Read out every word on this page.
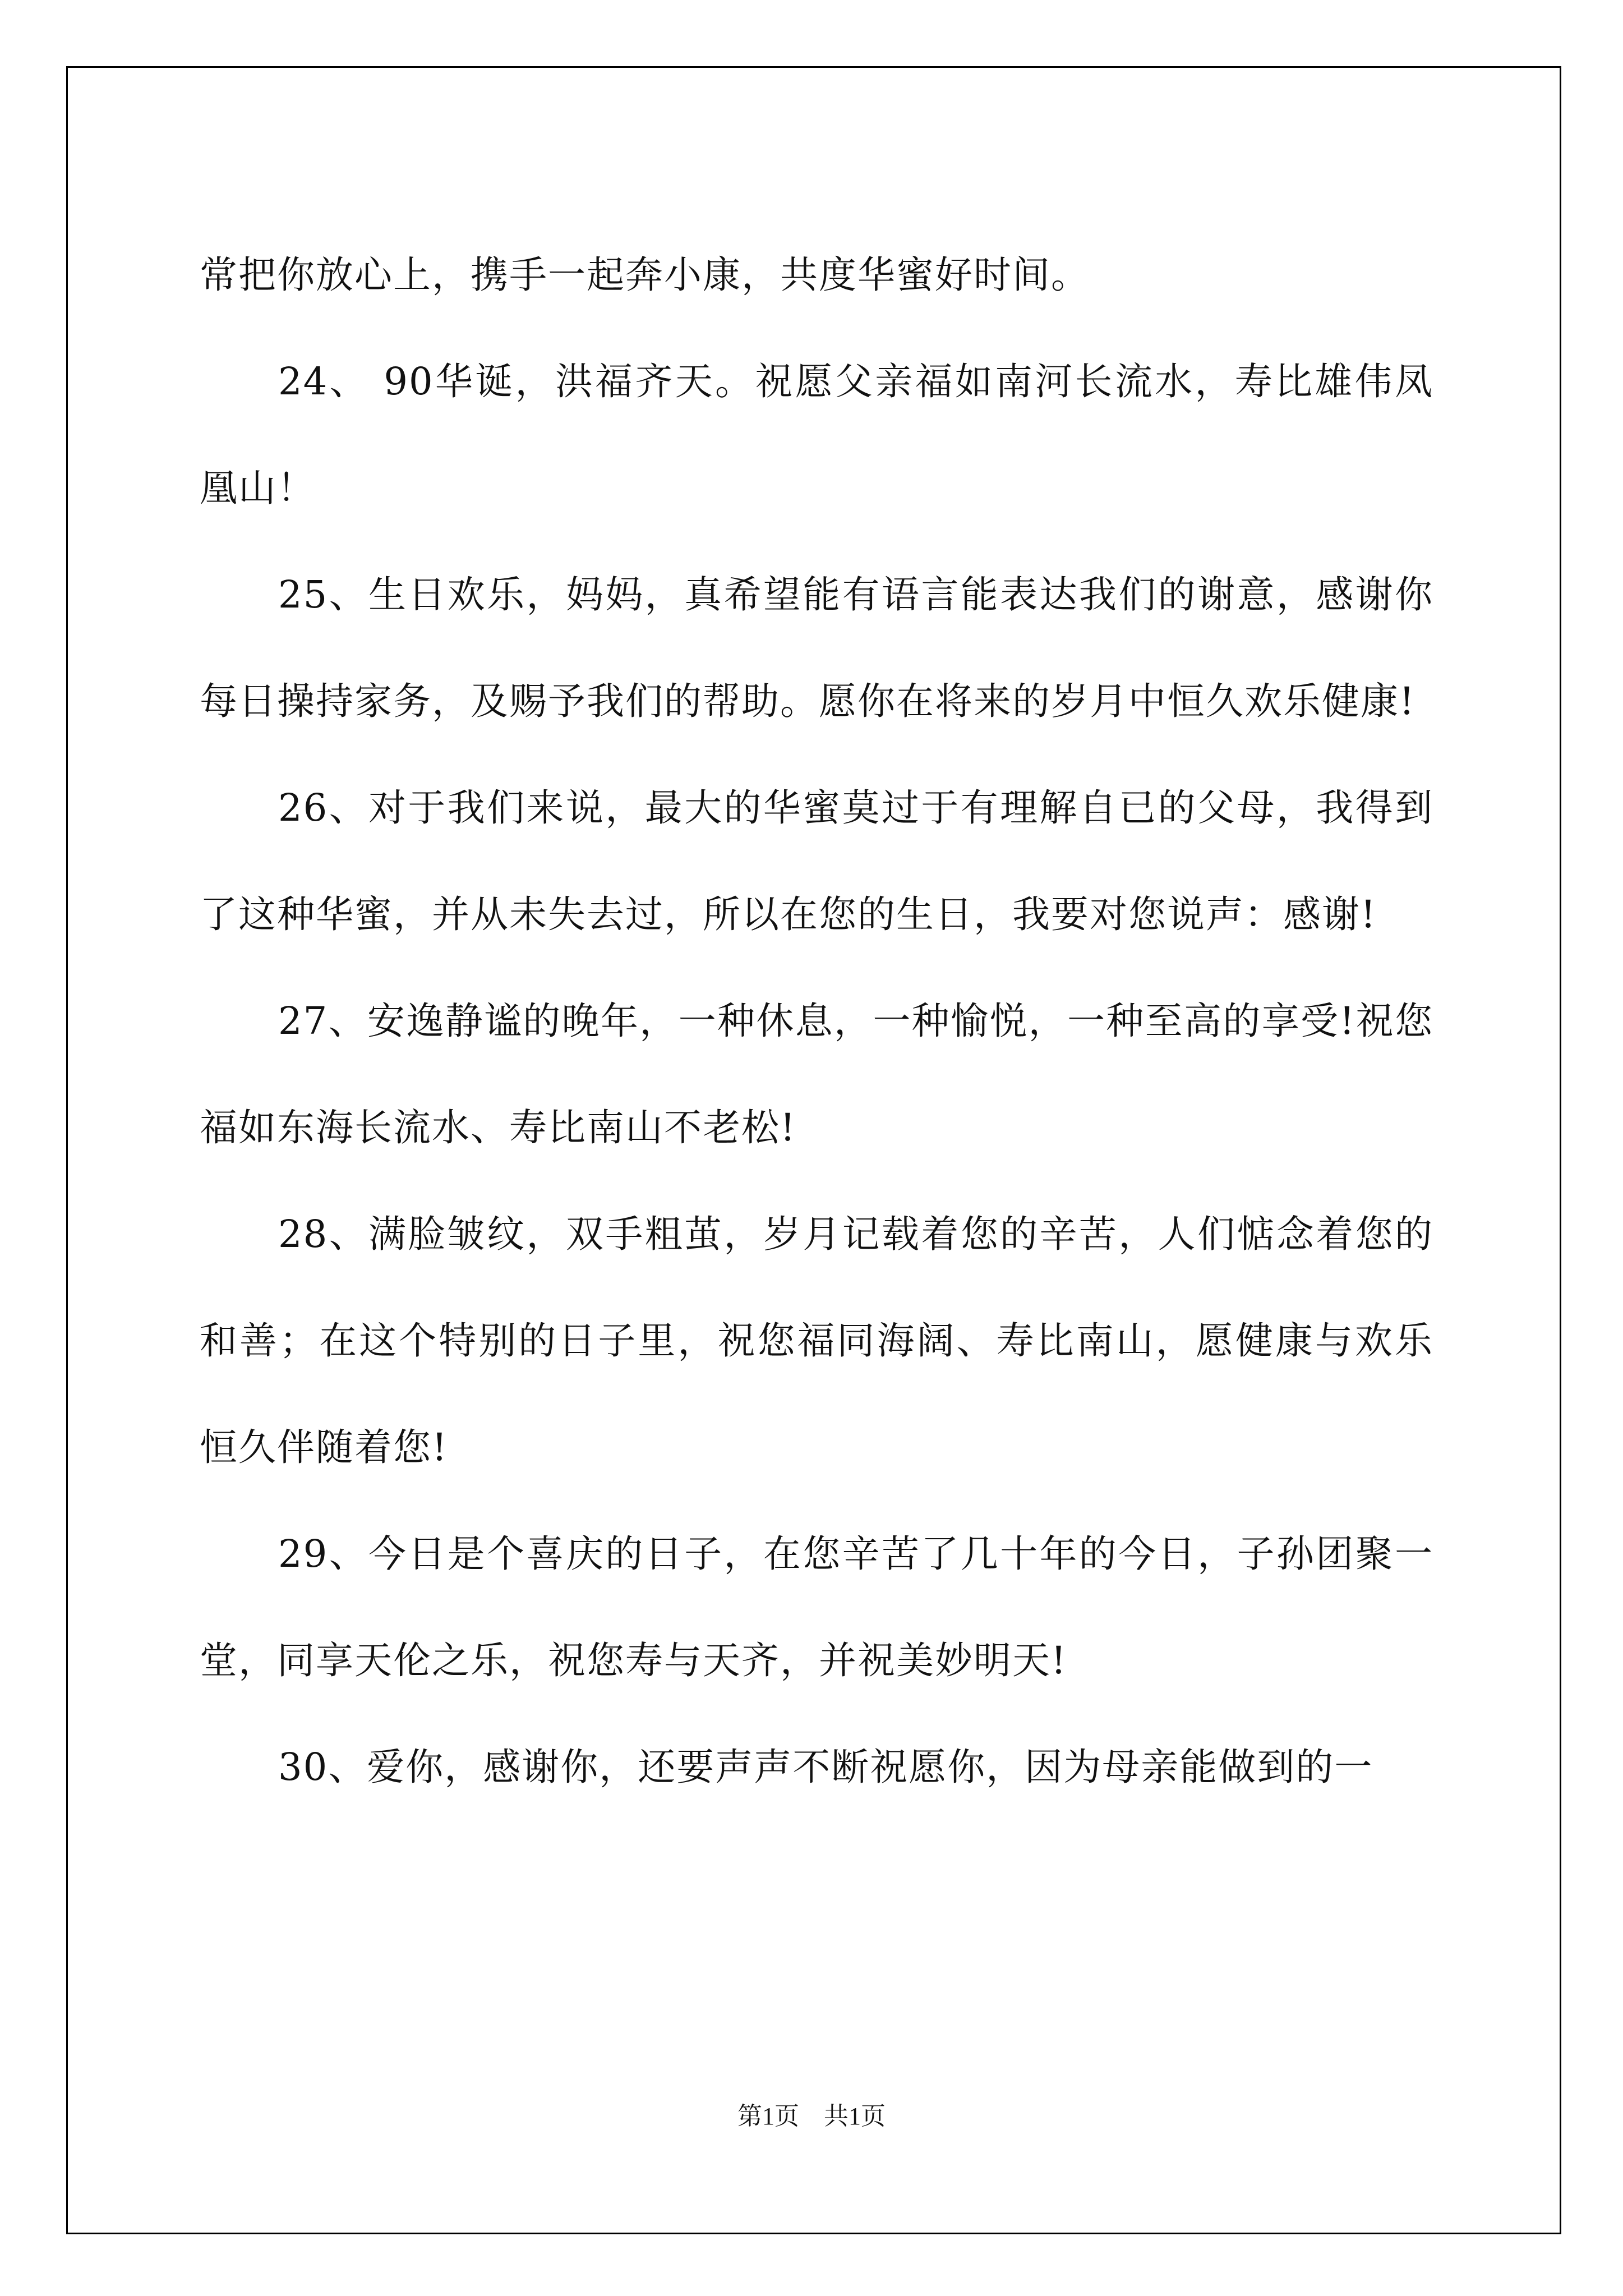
常把你放心上，携手一起奔小康，共度华蜜好时间。

24、 90华诞，洪福齐天。祝愿父亲福如南河长流水，寿比雄伟凤凰山！

25、生日欢乐，妈妈，真希望能有语言能表达我们的谢意，感谢你每日操持家务，及赐予我们的帮助。愿你在将来的岁月中恒久欢乐健康!

26、对于我们来说，最大的华蜜莫过于有理解自已的父母，我得到了这种华蜜，并从未失去过，所以在您的生日，我要对您说声：感谢!

27、安逸静谧的晚年，一种休息，一种愉悦，一种至高的享受!祝您福如东海长流水、寿比南山不老松!

28、满脸皱纹，双手粗茧，岁月记载着您的辛苦，人们惦念着您的和善；在这个特别的日子里，祝您福同海阔、寿比南山，愿健康与欢乐恒久伴随着您!

29、今日是个喜庆的日子，在您辛苦了几十年的今日，子孙团聚一堂，同享天伦之乐，祝您寿与天齐，并祝美妙明天!

30、爱你，感谢你，还要声声不断祝愿你，因为母亲能做到的一

第1页 共1页
